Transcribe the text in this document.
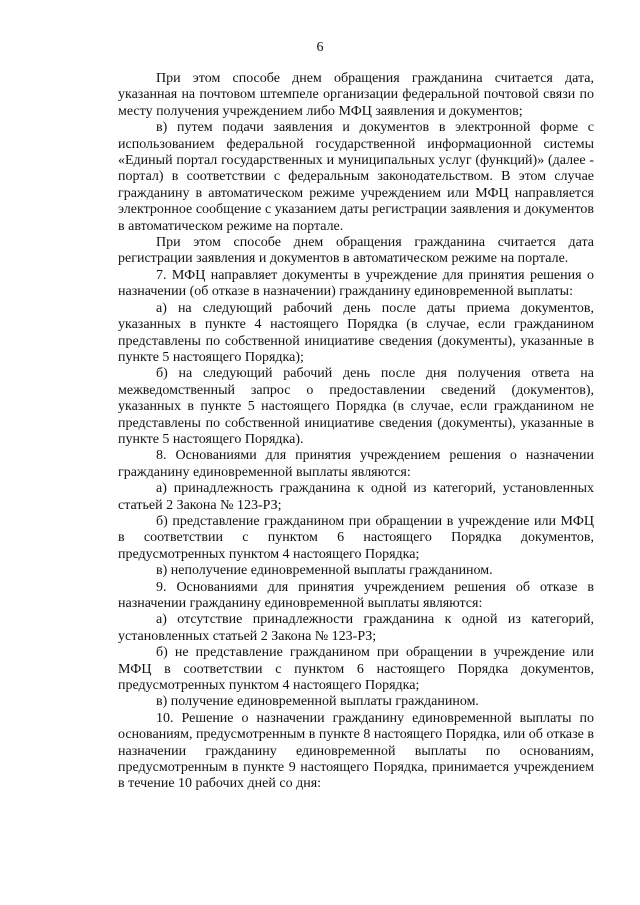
6

При этом способе днем обращения гражданина считается дата, указанная на почтовом штемпеле организации федеральной почтовой связи по месту получения учреждением либо МФЦ заявления и документов;

в) путем подачи заявления и документов в электронной форме с использованием федеральной государственной информационной системы «Единый портал государственных и муниципальных услуг (функций)» (далее - портал) в соответствии с федеральным законодательством. В этом случае гражданину в автоматическом режиме учреждением или МФЦ направляется электронное сообщение с указанием даты регистрации заявления и документов в автоматическом режиме на портале.

При этом способе днем обращения гражданина считается дата регистрации заявления и документов в автоматическом режиме на портале.

7. МФЦ направляет документы в учреждение для принятия решения о назначении (об отказе в назначении) гражданину единовременной выплаты:

а) на следующий рабочий день после даты приема документов, указанных в пункте 4 настоящего Порядка (в случае, если гражданином представлены по собственной инициативе сведения (документы), указанные в пункте 5 настоящего Порядка);

б) на следующий рабочий день после дня получения ответа на межведомственный запрос о предоставлении сведений (документов), указанных в пункте 5 настоящего Порядка (в случае, если гражданином не представлены по собственной инициативе сведения (документы), указанные в пункте 5 настоящего Порядка).

8. Основаниями для принятия учреждением решения о назначении гражданину единовременной выплаты являются:

а) принадлежность гражданина к одной из категорий, установленных статьей 2 Закона № 123-РЗ;

б) представление гражданином при обращении в учреждение или МФЦ в соответствии с пунктом 6 настоящего Порядка документов, предусмотренных пунктом 4 настоящего Порядка;

в) неполучение единовременной выплаты гражданином.

9. Основаниями для принятия учреждением решения об отказе в назначении гражданину единовременной выплаты являются:

а) отсутствие принадлежности гражданина к одной из категорий, установленных статьей 2 Закона № 123-РЗ;

б) не представление гражданином при обращении в учреждение или МФЦ в соответствии с пунктом 6 настоящего Порядка документов, предусмотренных пунктом 4 настоящего Порядка;

в) получение единовременной выплаты гражданином.

10. Решение о назначении гражданину единовременной выплаты по основаниям, предусмотренным в пункте 8 настоящего Порядка, или об отказе в назначении гражданину единовременной выплаты по основаниям, предусмотренным в пункте 9 настоящего Порядка, принимается учреждением в течение 10 рабочих дней со дня:
